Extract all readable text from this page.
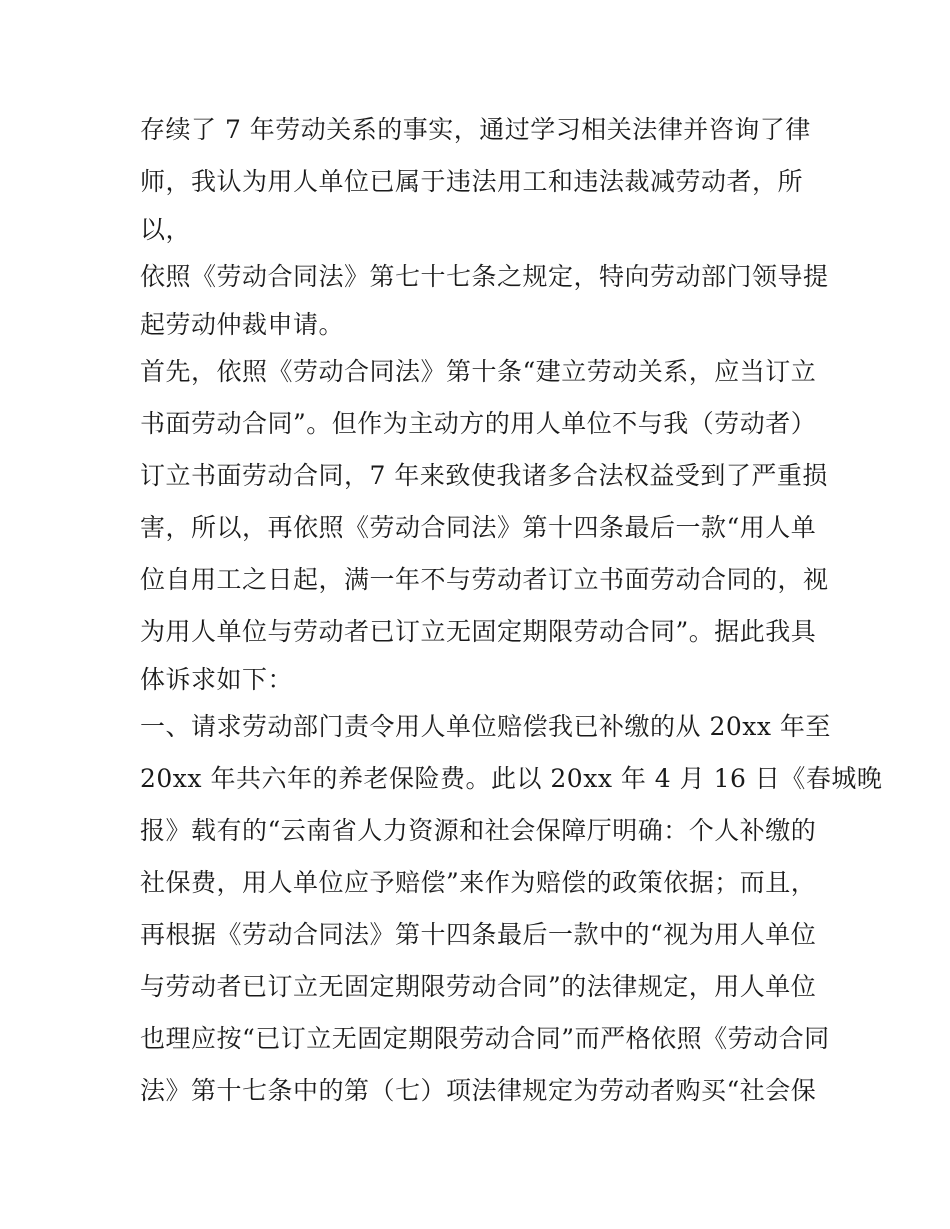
存续了 7 年劳动关系的事实，通过学习相关法律并咨询了律
师，我认为用人单位已属于违法用工和违法裁减劳动者，所
以，
依照《劳动合同法》第七十七条之规定，特向劳动部门领导提
起劳动仲裁申请。
首先，依照《劳动合同法》第十条“建立劳动关系，应当订立
书面劳动合同”。但作为主动方的用人单位不与我（劳动者）
订立书面劳动合同，7 年来致使我诸多合法权益受到了严重损
害，所以，再依照《劳动合同法》第十四条最后一款“用人单
位自用工之日起，满一年不与劳动者订立书面劳动合同的，视
为用人单位与劳动者已订立无固定期限劳动合同”。据此我具
体诉求如下：
一、请求劳动部门责令用人单位赔偿我已补缴的从 20xx 年至
20xx 年共六年的养老保险费。此以 20xx 年 4 月 16 日《春城晚
报》载有的“云南省人力资源和社会保障厅明确：个人补缴的
社保费，用人单位应予赔偿”来作为赔偿的政策依据；而且，
再根据《劳动合同法》第十四条最后一款中的“视为用人单位
与劳动者已订立无固定期限劳动合同”的法律规定，用人单位
也理应按“已订立无固定期限劳动合同”而严格依照《劳动合同
法》第十七条中的第（七）项法律规定为劳动者购买“社会保
